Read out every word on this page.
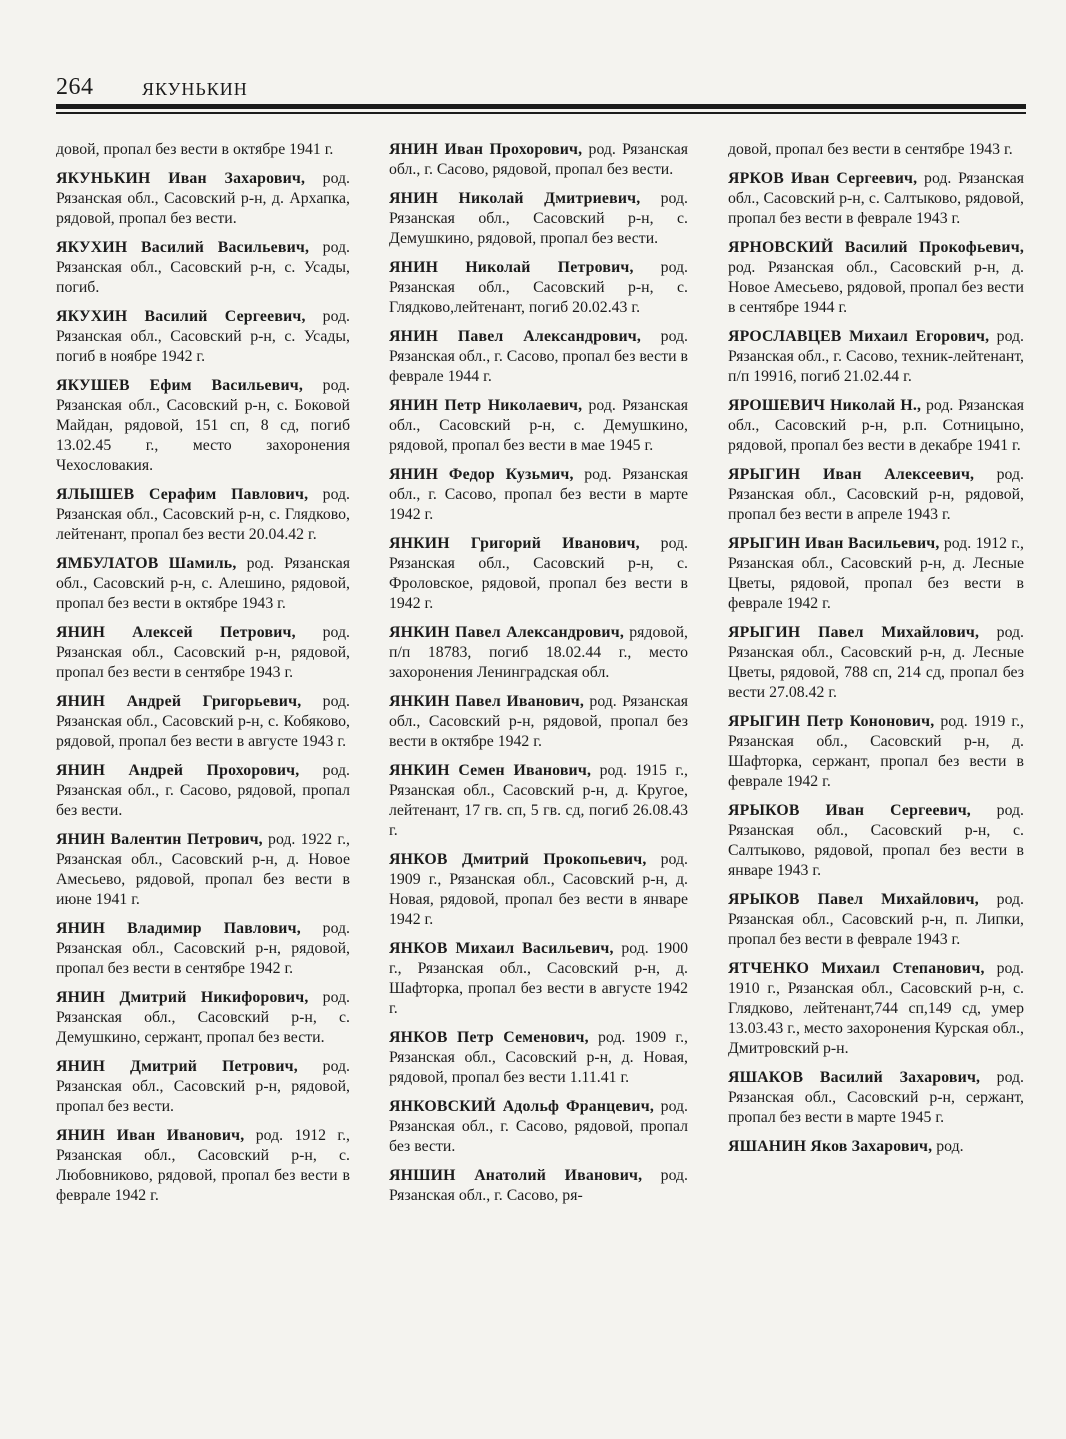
264	ЯКУНЬКИН

довой, пропал без вести в октябре 1941 г.

ЯКУНЬКИН Иван Захарович, род. Рязанская обл., Сасовский р-н, д. Архапка, рядовой, пропал без вести.

ЯКУХИН Василий Васильевич, род. Рязанская обл., Сасовский р-н, с. Усады, погиб.

ЯКУХИН Василий Сергеевич, род. Рязанская обл., Сасовский р-н, с. Усады, погиб в ноябре 1942 г.

ЯКУШЕВ Ефим Васильевич, род. Рязанская обл., Сасовский р-н, с. Боковой Майдан, рядовой, 151 сп, 8 сд, погиб 13.02.45 г., место захоронения Чехословакия.

ЯЛЫШЕВ Серафим Павлович, род. Рязанская обл., Сасовский р-н, с. Глядково, лейтенант, пропал без вести 20.04.42 г.

ЯМБУЛАТОВ Шамиль, род. Рязанская обл., Сасовский р-н, с. Алешино, рядовой, пропал без вести в октябре 1943 г.

ЯНИН Алексей Петрович, род. Рязанская обл., Сасовский р-н, рядовой, пропал без вести в сентябре 1943 г.

ЯНИН Андрей Григорьевич, род. Рязанская обл., Сасовский р-н, с. Кобяково, рядовой, пропал без вести в августе 1943 г.

ЯНИН Андрей Прохорович, род. Рязанская обл., г. Сасово, рядовой, пропал без вести.

ЯНИН Валентин Петрович, род. 1922 г., Рязанская обл., Сасовский р-н, д. Новое Амесьево, рядовой, пропал без вести в июне 1941 г.

ЯНИН Владимир Павлович, род. Рязанская обл., Сасовский р-н, рядовой, пропал без вести в сентябре 1942 г.

ЯНИН Дмитрий Никифорович, род. Рязанская обл., Сасовский р-н, с. Демушкино, сержант, пропал без вести.

ЯНИН Дмитрий Петрович, род. Рязанская обл., Сасовский р-н, рядовой, пропал без вести.

ЯНИН Иван Иванович, род. 1912 г., Рязанская обл., Сасовский р-н, с. Любовниково, рядовой, пропал без вести в феврале 1942 г.

ЯНИН Иван Прохорович, род. Рязанская обл., г. Сасово, рядовой, пропал без вести.

ЯНИН Николай Дмитриевич, род. Рязанская обл., Сасовский р-н, с. Демушкино, рядовой, пропал без вести.

ЯНИН Николай Петрович, род. Рязанская обл., Сасовский р-н, с. Глядково,лейтенант, погиб 20.02.43 г.

ЯНИН Павел Александрович, род. Рязанская обл., г. Сасово, пропал без вести в феврале 1944 г.

ЯНИН Петр Николаевич, род. Рязанская обл., Сасовский р-н, с. Демушкино, рядовой, пропал без вести в мае 1945 г.

ЯНИН Федор Кузьмич, род. Рязанская обл., г. Сасово, пропал без вести в марте 1942 г.

ЯНКИН Григорий Иванович, род. Рязанская обл., Сасовский р-н, с. Фроловское, рядовой, пропал без вести в 1942 г.

ЯНКИН Павел Александрович, рядовой, п/п 18783, погиб 18.02.44 г., место захоронения Ленинградская обл.

ЯНКИН Павел Иванович, род. Рязанская обл., Сасовский р-н, рядовой, пропал без вести в октябре 1942 г.

ЯНКИН Семен Иванович, род. 1915 г., Рязанская обл., Сасовский р-н, д. Кругое, лейтенант, 17 гв. сп, 5 гв. сд, погиб 26.08.43 г.

ЯНКОВ Дмитрий Прокопьевич, род. 1909 г., Рязанская обл., Сасовский р-н, д. Новая, рядовой, пропал без вести в январе 1942 г.

ЯНКОВ Михаил Васильевич, род. 1900 г., Рязанская обл., Сасовский р-н, д. Шафторка, пропал без вести в августе 1942 г.

ЯНКОВ Петр Семенович, род. 1909 г., Рязанская обл., Сасовский р-н, д. Новая, рядовой, пропал без вести 1.11.41 г.

ЯНКОВСКИЙ Адольф Францевич, род. Рязанская обл., г. Сасово, рядовой, пропал без вести.

ЯНШИН Анатолий Иванович, род. Рязанская обл., г. Сасово, ря-

довой, пропал без вести в сентябре 1943 г.

ЯРКОВ Иван Сергеевич, род. Рязанская обл., Сасовский р-н, с. Салтыково, рядовой, пропал без вести в феврале 1943 г.

ЯРНОВСКИЙ Василий Прокофьевич, род. Рязанская обл., Сасовский р-н, д. Новое Амесьево, рядовой, пропал без вести в сентябре 1944 г.

ЯРОСЛАВЦЕВ Михаил Егорович, род. Рязанская обл., г. Сасово, техник-лейтенант, п/п 19916, погиб 21.02.44 г.

ЯРОШЕВИЧ Николай Н., род. Рязанская обл., Сасовский р-н, р.п. Сотницыно, рядовой, пропал без вести в декабре 1941 г.

ЯРЫГИН Иван Алексеевич, род. Рязанская обл., Сасовский р-н, рядовой, пропал без вести в апреле 1943 г.

ЯРЫГИН Иван Васильевич, род. 1912 г., Рязанская обл., Сасовский р-н, д. Лесные Цветы, рядовой, пропал без вести в феврале 1942 г.

ЯРЫГИН Павел Михайлович, род. Рязанская обл., Сасовский р-н, д. Лесные Цветы, рядовой, 788 сп, 214 сд, пропал без вести 27.08.42 г.

ЯРЫГИН Петр Кононович, род. 1919 г., Рязанская обл., Сасовский р-н, д. Шафторка, сержант, пропал без вести в феврале 1942 г.

ЯРЫКОВ Иван Сергеевич, род. Рязанская обл., Сасовский р-н, с. Салтыково, рядовой, пропал без вести в январе 1943 г.

ЯРЫКОВ Павел Михайлович, род. Рязанская обл., Сасовский р-н, п. Липки, пропал без вести в феврале 1943 г.

ЯТЧЕНКО Михаил Степанович, род. 1910 г., Рязанская обл., Сасовский р-н, с. Глядково, лейтенант,744 сп,149 сд, умер 13.03.43 г., место захоронения Курская обл., Дмитровский р-н.

ЯШАКОВ Василий Захарович, род. Рязанская обл., Сасовский р-н, сержант, пропал без вести в марте 1945 г.

ЯШАНИН Яков Захарович, род.
